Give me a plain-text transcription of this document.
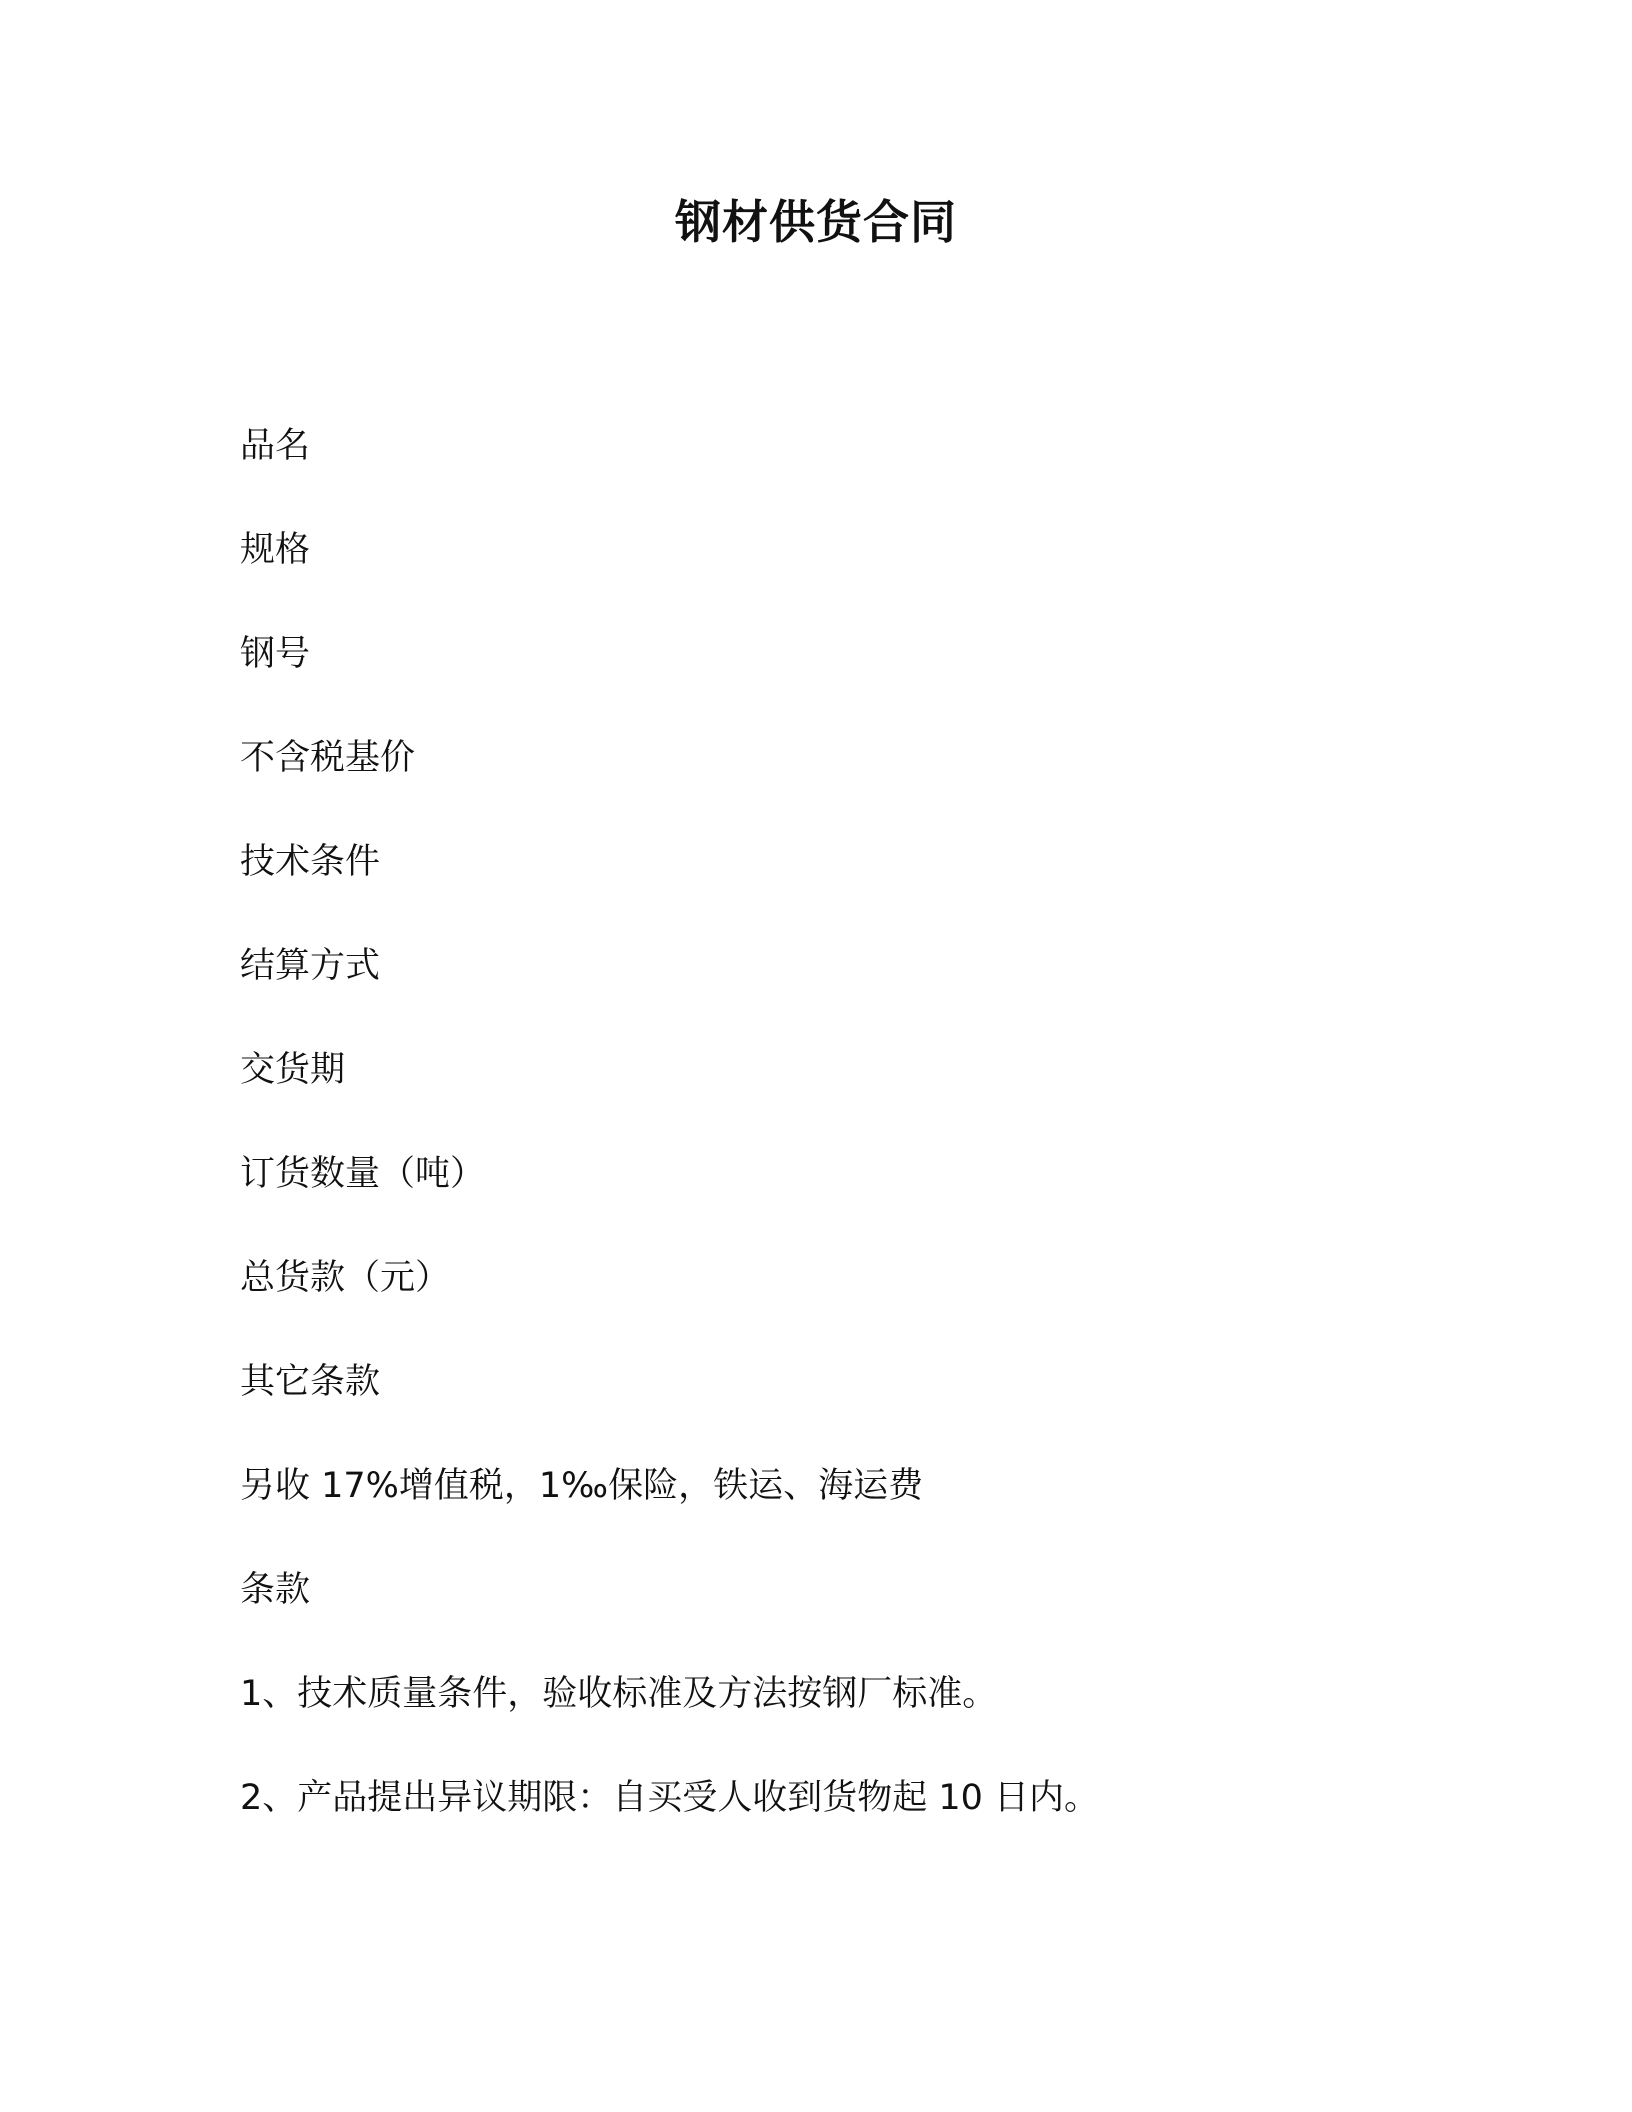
钢材供货合同
品名
规格
钢号
不含税基价
技术条件
结算方式
交货期
订货数量（吨）
总货款（元）
其它条款
另收 17%增值税，1‰保险，铁运、海运费
条款
1、技术质量条件，验收标准及方法按钢厂标准。
2、产品提出异议期限：自买受人收到货物起 10 日内。
